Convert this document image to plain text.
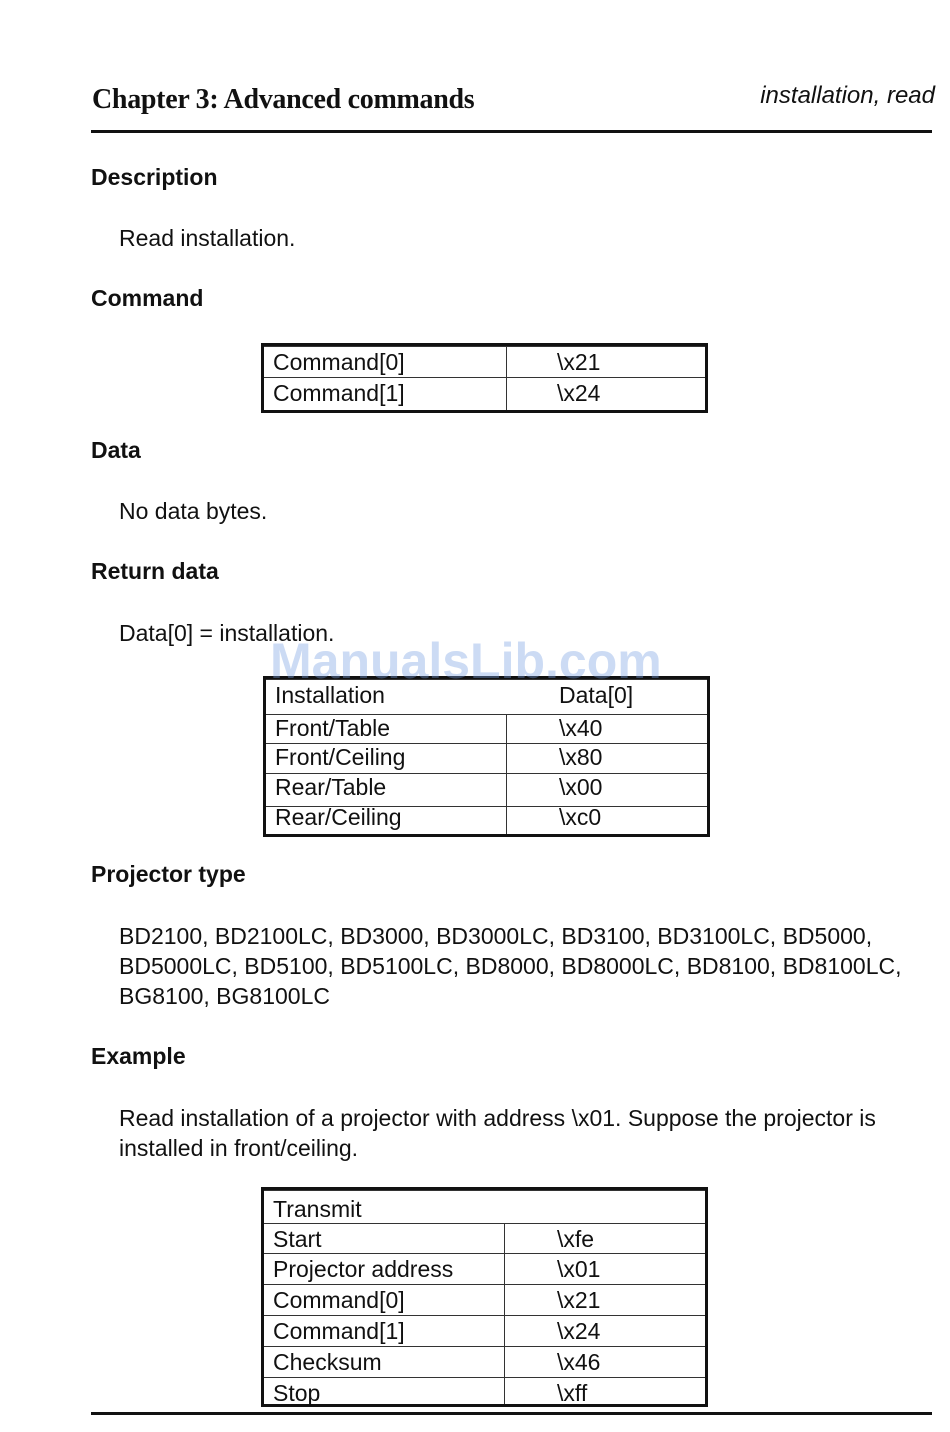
Chapter 3: Advanced commands	installation, read
Description
Read installation.
Command
Command[0]	\x21
Command[1]	\x24
Data
No data bytes.
Return data
Data[0] = installation.
Installation	Data[0]
Front/Table	\x40
Front/Ceiling	\x80
Rear/Table	\x00
Rear/Ceiling	\xc0
Projector type
BD2100, BD2100LC, BD3000, BD3000LC, BD3100, BD3100LC, BD5000, BD5000LC, BD5100, BD5100LC, BD8000, BD8000LC, BD8100, BD8100LC, BG8100, BG8100LC
Example
Read installation of a projector with address \x01. Suppose the projector is installed in front/ceiling.
Transmit
Start	\xfe
Projector address	\x01
Command[0]	\x21
Command[1]	\x24
Checksum	\x46
Stop	\xff
ManualsLib.com
